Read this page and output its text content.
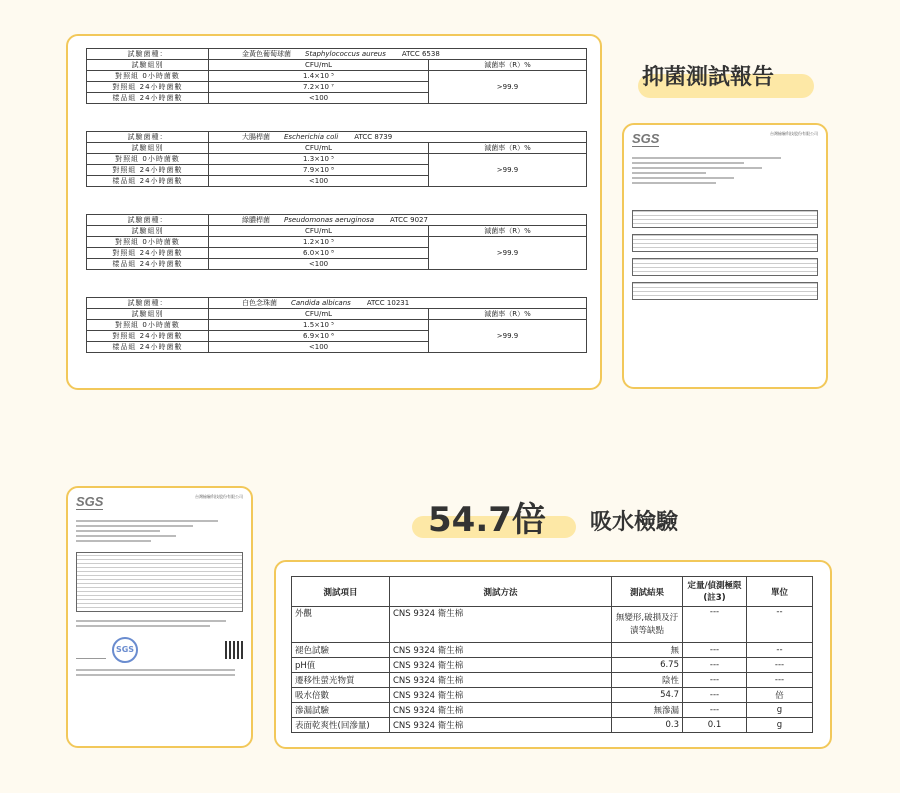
試驗菌種：	金黃色葡萄球菌 Staphylococcus aureus ATCC 6538	
試驗組別	CFU/mL	減菌率（R）%
對照組 0小時菌數	1.4×10 ⁵	>99.9
對照組 24小時菌數	7.2×10 ⁷	
樣品組 24小時菌數	<100	
試驗菌種：	大腸桿菌 Escherichia coli ATCC 8739	
試驗組別	CFU/mL	減菌率（R）%
對照組 0小時菌數	1.3×10 ⁵	>99.9
對照組 24小時菌數	7.9×10 ⁸	
樣品組 24小時菌數	<100	
試驗菌種：	綠膿桿菌 Pseudomonas aeruginosa ATCC 9027	
試驗組別	CFU/mL	減菌率（R）%
對照組 0小時菌數	1.2×10 ⁵	>99.9
對照組 24小時菌數	6.0×10 ⁸	
樣品組 24小時菌數	<100	
試驗菌種：	白色念珠菌 Candida albicans ATCC 10231	
試驗組別	CFU/mL	減菌率（R）%
對照組 0小時菌數	1.5×10 ⁵	>99.9
對照組 24小時菌數	6.9×10 ⁶	
樣品組 24小時菌數	<100	
抑菌測試報告
SGS	台灣檢驗科技股份有限公司
SGS	台灣檢驗科技股份有限公司
SGS
54.7倍 吸水檢驗
測試項目	測試方法	測試結果	定量/偵測極限(註3)	單位
外觀	CNS 9324 衛生棉	無變形,破損及汙漬等缺點	---	--
褪色試驗	CNS 9324 衛生棉	無	---	--
pH值	CNS 9324 衛生棉	6.75	---	---
遷移性螢光物質	CNS 9324 衛生棉	陰性	---	---
吸水倍數	CNS 9324 衛生棉	54.7	---	倍
滲漏試驗	CNS 9324 衛生棉	無滲漏	---	g
表面乾爽性(回滲量)	CNS 9324 衛生棉	0.3	0.1	g
